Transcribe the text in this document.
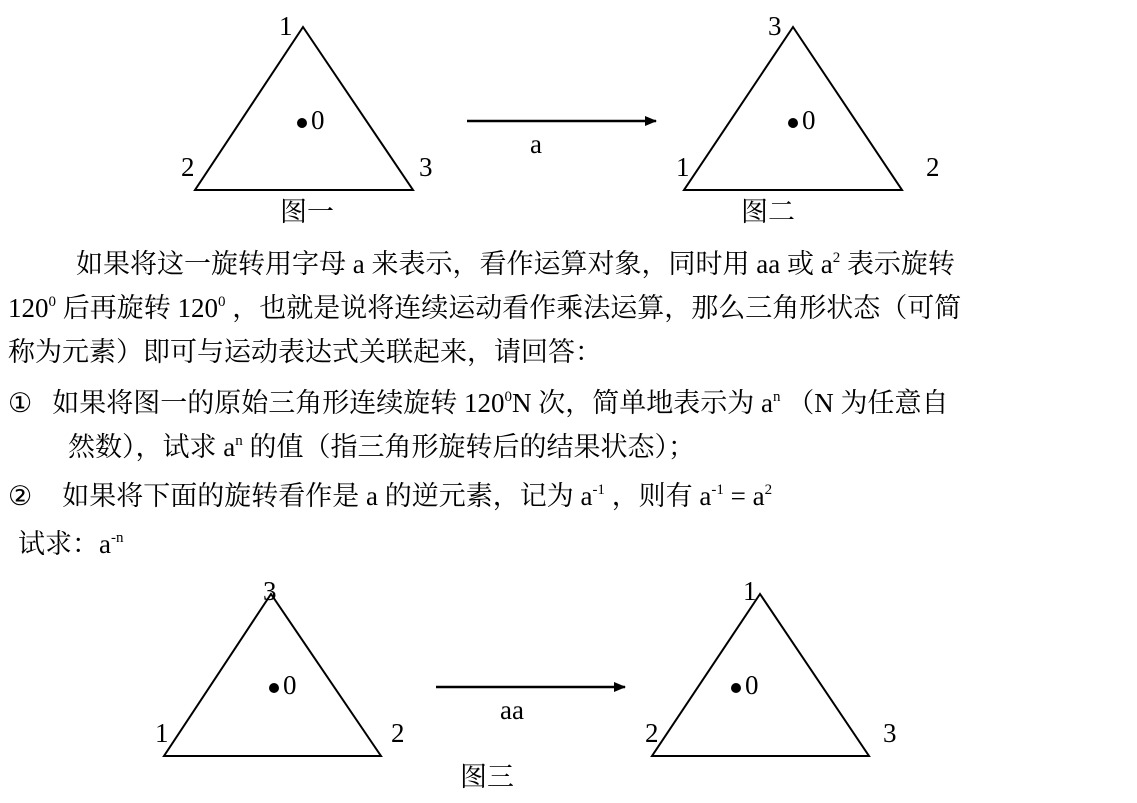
0
1
2	3
图一
a
0
3
1	2
图二
0
3
1	2
aa
0
1
2	3
图三
如果将这一旋转用字母 a 来表示，看作运算对象，同时用 aa 或 $a^2$ 表示旋转
$120^0$ 后再旋转 $120^0$ ，也就是说将连续运动看作乘法运算，那么三角形状态（可简
称为元素）即可与运动表达式关联起来，请回答：
① 如果将图一的原始三角形连续旋转 $120^0N$ 次，简单地表示为 $a^n$ （N 为任意自
然数），试求 $a^n$ 的值（指三角形旋转后的结果状态）；
② 如果将下面的旋转看作是 a 的逆元素，记为 $a^{-1}$ ，则有 $a^{-1} = a^2$
试求：$a^{-n}$
